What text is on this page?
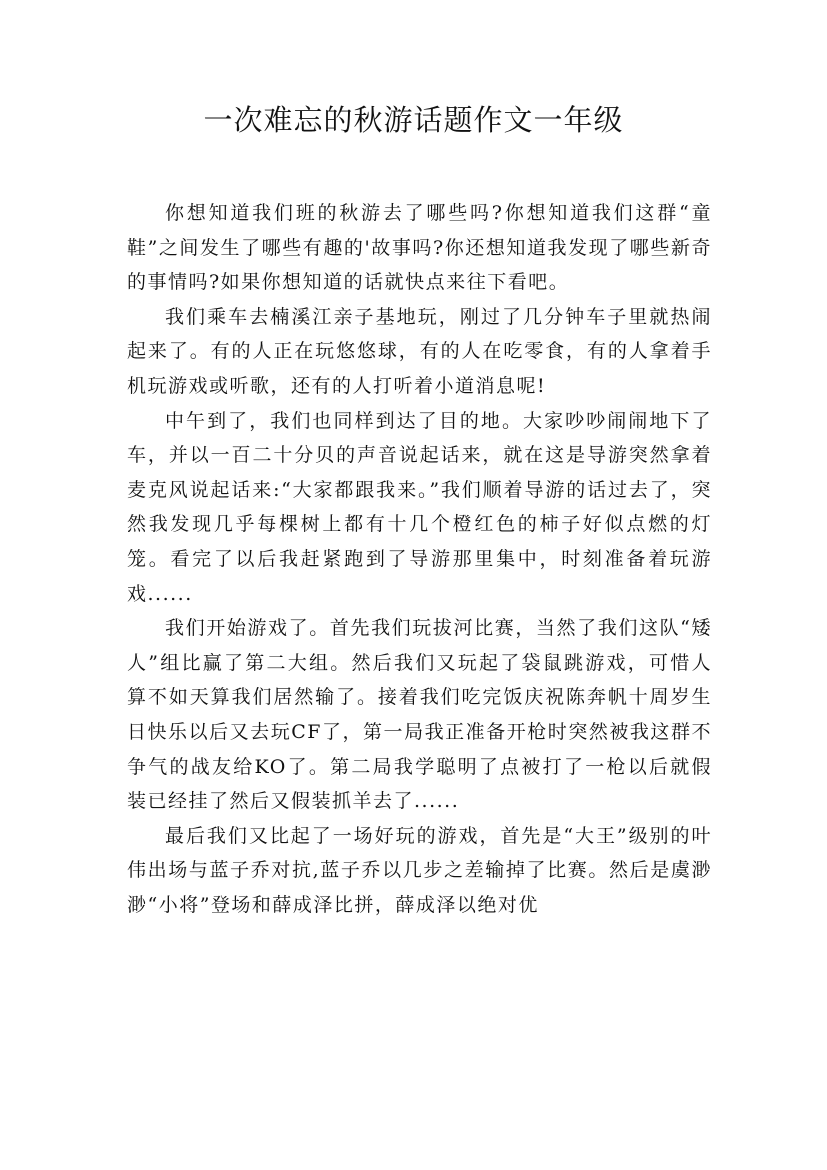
一次难忘的秋游话题作文一年级

你想知道我们班的秋游去了哪些吗?你想知道我们这群“童鞋”之间发生了哪些有趣的'故事吗?你还想知道我发现了哪些新奇的事情吗?如果你想知道的话就快点来往下看吧。

我们乘车去楠溪江亲子基地玩，刚过了几分钟车子里就热闹起来了。有的人正在玩悠悠球，有的人在吃零食，有的人拿着手机玩游戏或听歌，还有的人打听着小道消息呢!

中午到了，我们也同样到达了目的地。大家吵吵闹闹地下了车，并以一百二十分贝的声音说起话来，就在这是导游突然拿着麦克风说起话来:“大家都跟我来。”我们顺着导游的话过去了，突然我发现几乎每棵树上都有十几个橙红色的柿子好似点燃的灯笼。看完了以后我赶紧跑到了导游那里集中，时刻准备着玩游戏......

我们开始游戏了。首先我们玩拔河比赛，当然了我们这队“矮人”组比赢了第二大组。然后我们又玩起了袋鼠跳游戏，可惜人算不如天算我们居然输了。接着我们吃完饭庆祝陈奔帆十周岁生日快乐以后又去玩CF了，第一局我正准备开枪时突然被我这群不争气的战友给KO了。第二局我学聪明了点被打了一枪以后就假装已经挂了然后又假装抓羊去了......

最后我们又比起了一场好玩的游戏，首先是“大王”级别的叶伟出场与蓝子乔对抗,蓝子乔以几步之差输掉了比赛。然后是虞渺渺“小将”登场和薛成泽比拼，薛成泽以绝对优
